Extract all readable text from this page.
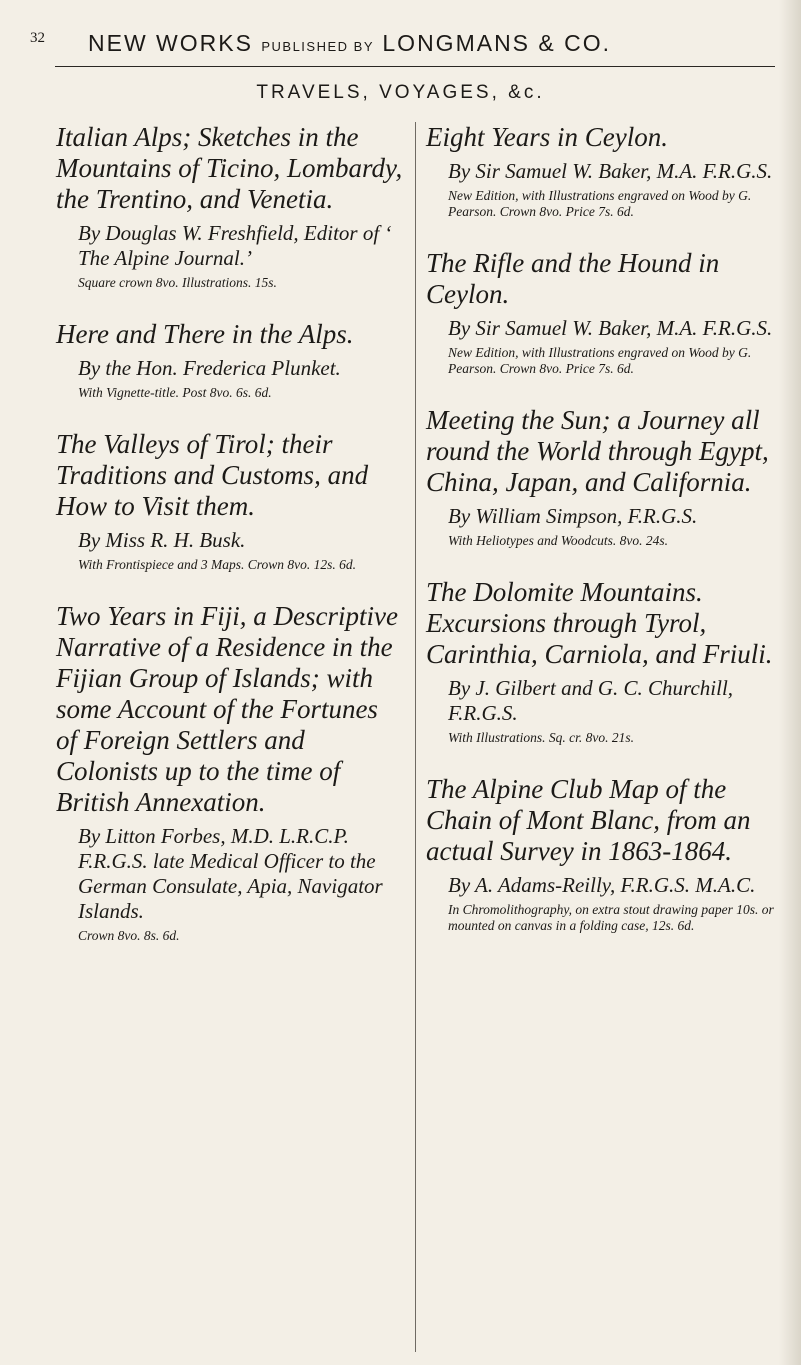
32 NEW WORKS PUBLISHED BY LONGMANS & CO.
TRAVELS, VOYAGES, &c.
Italian Alps; Sketches in the Mountains of Ticino, Lombardy, the Trentino, and Venetia.
By Douglas W. Freshfield, Editor of ‘ The Alpine Journal.’
Square crown 8vo. Illustrations. 15s.
Here and There in the Alps.
By the Hon. Frederica Plunket.
With Vignette-title. Post 8vo. 6s. 6d.
The Valleys of Tirol; their Traditions and Customs, and How to Visit them.
By Miss R. H. Busk.
With Frontispiece and 3 Maps. Crown 8vo. 12s. 6d.
Two Years in Fiji, a Descriptive Narrative of a Residence in the Fijian Group of Islands; with some Account of the Fortunes of Foreign Settlers and Colonists up to the time of British Annexation.
By Litton Forbes, M.D. L.R.C.P. F.R.G.S. late Medical Officer to the German Consulate, Apia, Navigator Islands.
Crown 8vo. 8s. 6d.
Eight Years in Ceylon.
By Sir Samuel W. Baker, M.A. F.R.G.S.
New Edition, with Illustrations engraved on Wood by G. Pearson. Crown 8vo. Price 7s. 6d.
The Rifle and the Hound in Ceylon.
By Sir Samuel W. Baker, M.A. F.R.G.S.
New Edition, with Illustrations engraved on Wood by G. Pearson. Crown 8vo. Price 7s. 6d.
Meeting the Sun; a Journey all round the World through Egypt, China, Japan, and California.
By William Simpson, F.R.G.S.
With Heliotypes and Woodcuts. 8vo. 24s.
The Dolomite Mountains. Excursions through Tyrol, Carinthia, Carniola, and Friuli.
By J. Gilbert and G. C. Churchill, F.R.G.S.
With Illustrations. Sq. cr. 8vo. 21s.
The Alpine Club Map of the Chain of Mont Blanc, from an actual Survey in 1863-1864.
By A. Adams-Reilly, F.R.G.S. M.A.C.
In Chromolithography, on extra stout drawing paper 10s. or mounted on canvas in a folding case, 12s. 6d.
